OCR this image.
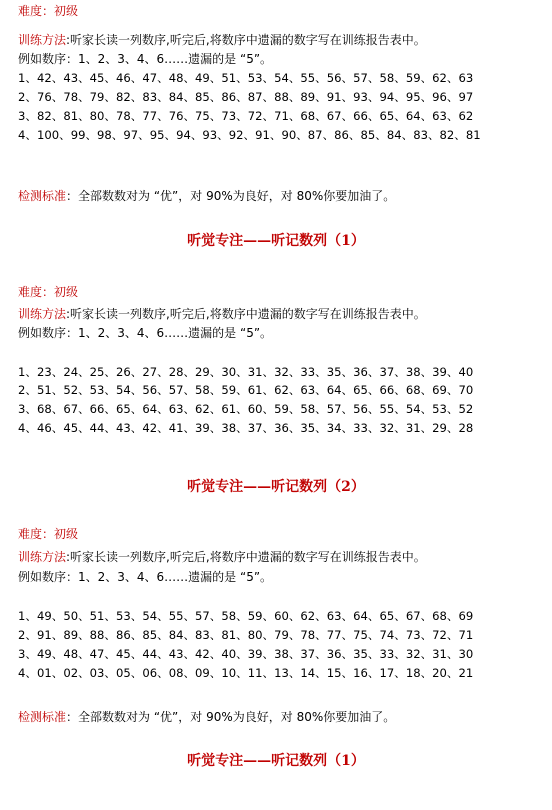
难度：初级
训练方法:听家长读一列数序,听完后,将数序中遗漏的数字写在训练报告表中。
例如数序：1、2、3、4、6……遗漏的是 “5”。
1、42、43、45、46、47、48、49、51、53、54、55、56、57、58、59、62、63
2、76、78、79、82、83、84、85、86、87、88、89、91、93、94、95、96、97
3、82、81、80、78、77、76、75、73、72、71、68、67、66、65、64、63、62
4、100、99、98、97、95、94、93、92、91、90、87、86、85、84、83、82、81
检测标准：全部数数对为 “优”，对 90%为良好，对 80%你要加油了。
听觉专注——听记数列（1）
难度：初级
训练方法:听家长读一列数序,听完后,将数序中遗漏的数字写在训练报告表中。
例如数序：1、2、3、4、6……遗漏的是 “5”。
1、23、24、25、26、27、28、29、30、31、32、33、35、36、37、38、39、40
2、51、52、53、54、56、57、58、59、61、62、63、64、65、66、68、69、70
3、68、67、66、65、64、63、62、61、60、59、58、57、56、55、54、53、52
4、46、45、44、43、42、41、39、38、37、36、35、34、33、32、31、29、28
听觉专注——听记数列（2）
难度：初级
训练方法:听家长读一列数序,听完后,将数序中遗漏的数字写在训练报告表中。
例如数序：1、2、3、4、6……遗漏的是 “5”。
1、49、50、51、53、54、55、57、58、59、60、62、63、64、65、67、68、69
2、91、89、88、86、85、84、83、81、80、79、78、77、75、74、73、72、71
3、49、48、47、45、44、43、42、40、39、38、37、36、35、33、32、31、30
4、01、02、03、05、06、08、09、10、11、13、14、15、16、17、18、20、21
检测标准：全部数数对为 “优”，对 90%为良好，对 80%你要加油了。
听觉专注——听记数列（1）
